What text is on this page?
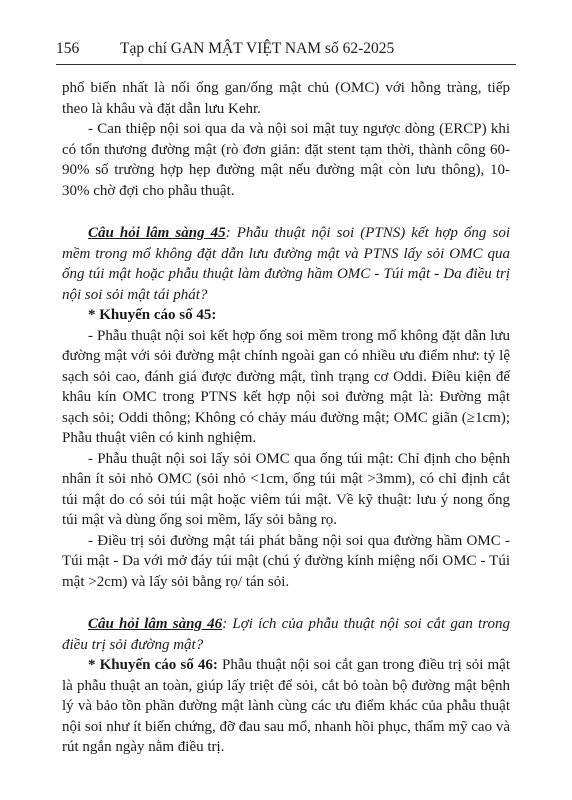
156	Tạp chí GAN MẬT VIỆT NAM số 62-2025

phổ biến nhất là nối ống gan/ống mật chủ (OMC) với hỗng tràng, tiếp theo là khâu và đặt dẫn lưu Kehr.

- Can thiệp nội soi qua da và nội soi mật tuỵ ngược dòng (ERCP) khi có tổn thương đường mật (rò đơn giản: đặt stent tạm thời, thành công 60-90% số trường hợp hẹp đường mật nếu đường mật còn lưu thông), 10-30% chờ đợi cho phẫu thuật.

Câu hỏi lâm sàng 45: Phẫu thuật nội soi (PTNS) kết hợp ống soi mềm trong mổ không đặt dẫn lưu đường mật và PTNS lấy sỏi OMC qua ống túi mật hoặc phẫu thuật làm đường hầm OMC - Túi mật - Da điều trị nội soi sỏi mật tái phát?

* Khuyến cáo số 45:

- Phẫu thuật nội soi kết hợp ống soi mềm trong mổ không đặt dẫn lưu đường mật với sỏi đường mật chính ngoài gan có nhiều ưu điểm như: tỷ lệ sạch sỏi cao, đánh giá được đường mật, tình trạng cơ Oddi. Điều kiện để khâu kín OMC trong PTNS kết hợp nội soi đường mật là: Đường mật sạch sỏi; Oddi thông; Không có chảy máu đường mật; OMC giãn (≥1cm); Phẫu thuật viên có kinh nghiệm.

- Phẫu thuật nội soi lấy sỏi OMC qua ống túi mật: Chỉ định cho bệnh nhân ít sỏi nhỏ OMC (sỏi nhỏ <1cm, ống túi mật >3mm), có chỉ định cắt túi mật do có sỏi túi mật hoặc viêm túi mật. Về kỹ thuật: lưu ý nong ống túi mật và dùng ống soi mềm, lấy sỏi bằng rọ.

- Điều trị sỏi đường mật tái phát bằng nội soi qua đường hầm OMC - Túi mật - Da với mở đáy túi mật (chú ý đường kính miệng nối OMC - Túi mật >2cm) và lấy sỏi bằng rọ/ tán sỏi.

Câu hỏi lâm sàng 46: Lợi ích của phẫu thuật nội soi cắt gan trong điều trị sỏi đường mật?

* Khuyến cáo số 46: Phẫu thuật nội soi cắt gan trong điều trị sỏi mật là phẫu thuật an toàn, giúp lấy triệt để sỏi, cắt bỏ toàn bộ đường mật bệnh lý và bảo tồn phần đường mật lành cùng các ưu điểm khác của phẫu thuật nội soi như ít biến chứng, đỡ đau sau mổ, nhanh hồi phục, thẩm mỹ cao và rút ngắn ngày nằm điều trị.
